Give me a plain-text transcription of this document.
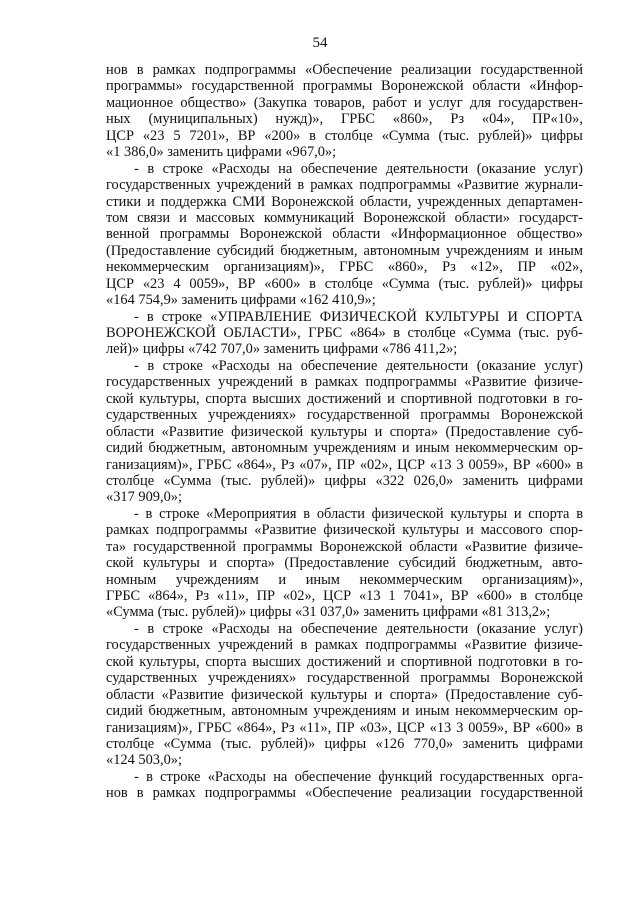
54
нов в рамках подпрограммы «Обеспечение реализации государственной
программы» государственной программы Воронежской области «Инфор-
мационное общество» (Закупка товаров, работ и услуг для государствен-
ных (муниципальных) нужд)», ГРБС «860», Рз «04», ПР«10»,
ЦСР «23 5 7201», ВР «200» в столбце «Сумма (тыс. рублей)» цифры
«1
386,0»
заменить
цифрами
«967,0»;
- в строке «Расходы на обеспечение деятельности (оказание услуг)
государственных учреждений в рамках подпрограммы «Развитие журнали-
стики и поддержка СМИ Воронежской области, учрежденных департамен-
том связи и массовых коммуникаций Воронежской области» государст-
венной программы Воронежской области «Информационное общество»
(Предоставление субсидий бюджетным, автономным учреждениям и иным
некоммерческим организациям)», ГРБС «860», Рз «12», ПР «02»,
ЦСР «23 4 0059», ВР «600» в столбце «Сумма (тыс. рублей)» цифры
«164
754,9»
заменить
цифрами
«162
410,9»;
- в строке «УПРАВЛЕНИЕ ФИЗИЧЕСКОЙ КУЛЬТУРЫ И СПОРТА
ВОРОНЕЖСКОЙ ОБЛАСТИ», ГРБС «864» в столбце «Сумма (тыс. руб-
лей)»
цифры
«742
707,0»
заменить
цифрами
«786
411,2»;
- в строке «Расходы на обеспечение деятельности (оказание услуг)
государственных учреждений в рамках подпрограммы «Развитие физиче-
ской культуры, спорта высших достижений и спортивной подготовки в го-
сударственных учреждениях» государственной программы Воронежской
области «Развитие физической культуры и спорта» (Предоставление суб-
сидий бюджетным, автономным учреждениям и иным некоммерческим ор-
ганизациям)», ГРБС «864», Рз «07», ПР «02», ЦСР «13 3 0059», ВР «600» в
столбце «Сумма (тыс. рублей)» цифры «322 026,0» заменить цифрами
«317
909,0»;
- в строке «Мероприятия в области физической культуры и спорта в
рамках подпрограммы «Развитие физической культуры и массового спор-
та» государственной программы Воронежской области «Развитие физиче-
ской культуры и спорта» (Предоставление субсидий бюджетным, авто-
номным учреждениям и иным некоммерческим организациям)»,
ГРБС «864», Рз «11», ПР «02», ЦСР «13 1 7041», ВР «600» в столбце
«Сумма
(тыс.
рублей)»
цифры
«31
037,0»
заменить
цифрами
«81
313,2»;
- в строке «Расходы на обеспечение деятельности (оказание услуг)
государственных учреждений в рамках подпрограммы «Развитие физиче-
ской культуры, спорта высших достижений и спортивной подготовки в го-
сударственных учреждениях» государственной программы Воронежской
области «Развитие физической культуры и спорта» (Предоставление суб-
сидий бюджетным, автономным учреждениям и иным некоммерческим ор-
ганизациям)», ГРБС «864», Рз «11», ПР «03», ЦСР «13 3 0059», ВР «600» в
столбце «Сумма (тыс. рублей)» цифры «126 770,0» заменить цифрами
«124
503,0»;
- в строке «Расходы на обеспечение функций государственных орга-
нов в рамках подпрограммы «Обеспечение реализации государственной
